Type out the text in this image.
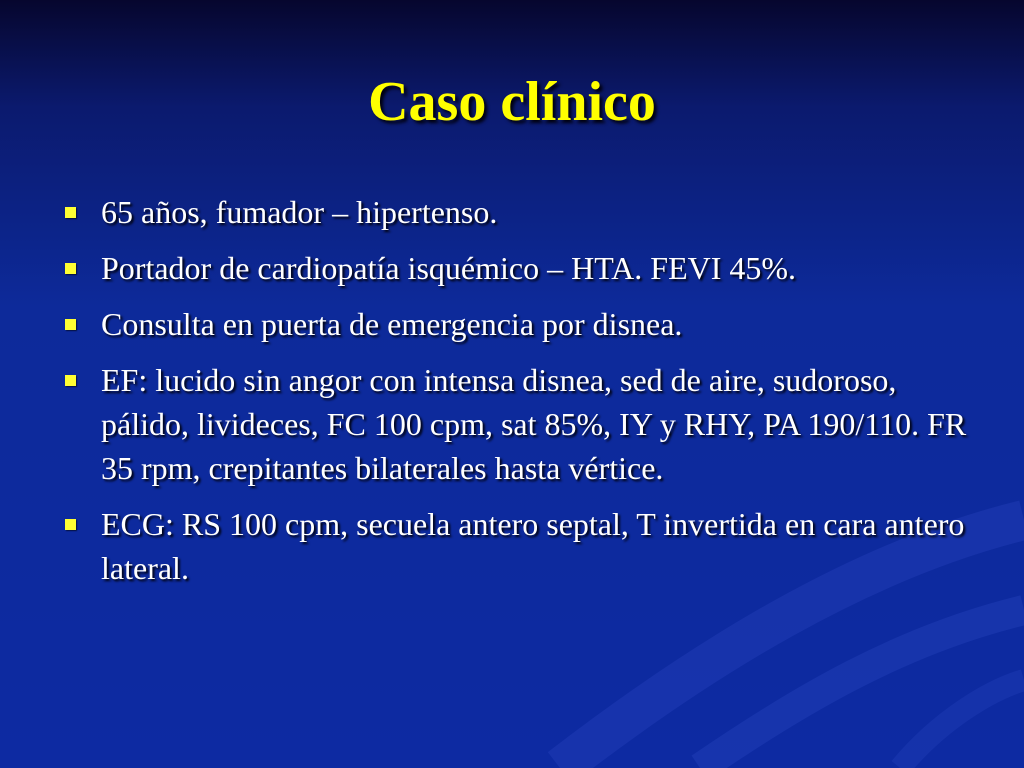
Caso clínico
65 años, fumador – hipertenso.
Portador de cardiopatía isquémico – HTA. FEVI 45%.
Consulta en puerta de emergencia por disnea.
EF: lucido sin angor con intensa disnea, sed de aire, sudoroso, pálido, livideces, FC 100 cpm, sat 85%, IY y RHY, PA 190/110. FR 35 rpm, crepitantes bilaterales hasta vértice.
ECG: RS 100 cpm, secuela antero septal, T invertida en cara antero lateral.
